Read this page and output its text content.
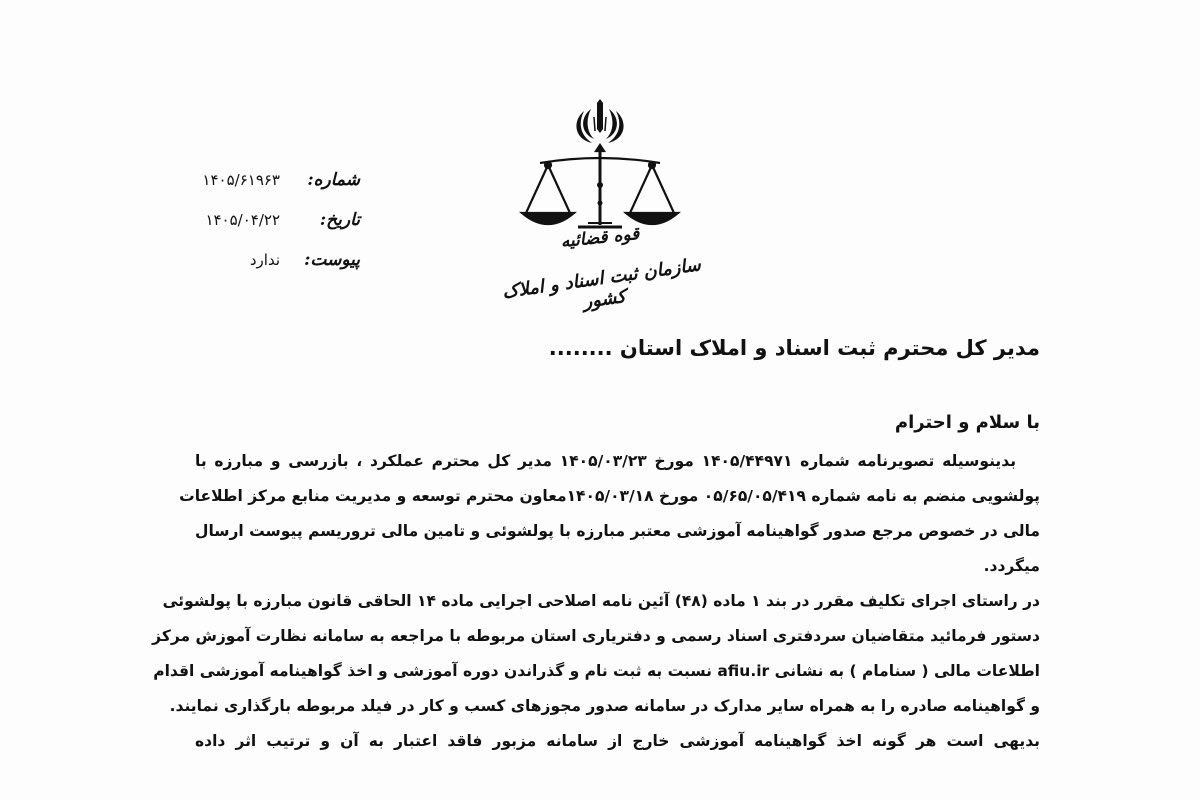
قوه قضائیه
سازمان ثبت اسناد و املاک کشور
شماره:
۱۴۰۵/۶۱۹۶۳
تاریخ:
۱۴۰۵/۰۴/۲۲
پیوست:
ندارد
مدیر کل محترم ثبت اسناد و املاک استان ........
با سلام و احترام
بدینوسیله تصویرنامه شماره ۱۴۰۵/۴۴۹۷۱ مورخ ۱۴۰۵/۰۳/۲۳ مدیر کل محترم عملکرد ، بازرسی و مبارزه با
پولشویی منضم به نامه شماره ۰۵/۶۵/۰۵/۴۱۹ مورخ ۱۴۰۵/۰۳/۱۸معاون محترم توسعه و مدیریت منابع مرکز اطلاعات
مالی در خصوص مرجع صدور گواهینامه آموزشی معتبر مبارزه با پولشوئی و تامین مالی تروریسم پیوست ارسال
میگردد.
در راستای اجرای تکلیف مقرر در بند ۱ ماده (۴۸) آئین نامه اصلاحی اجرایی ماده ۱۴ الحاقی قانون مبارزه با پولشوئی
دستور فرمائید متقاضیان سردفتری اسناد رسمی و دفتریاری استان مربوطه با مراجعه به سامانه نظارت آموزش مرکز
اطلاعات مالی ( سنامام ) به نشانی afiu.ir نسبت به ثبت نام و گذراندن دوره آموزشی و اخذ گواهینامه آموزشی اقدام
و گواهینامه صادره را به همراه سایر مدارک در سامانه صدور مجوزهای کسب و کار در فیلد مربوطه بارگذاری نمایند.
بدیهی است هر گونه اخذ گواهینامه آموزشی خارج از سامانه مزبور فاقد اعتبار به آن و ترتیب اثر داده
